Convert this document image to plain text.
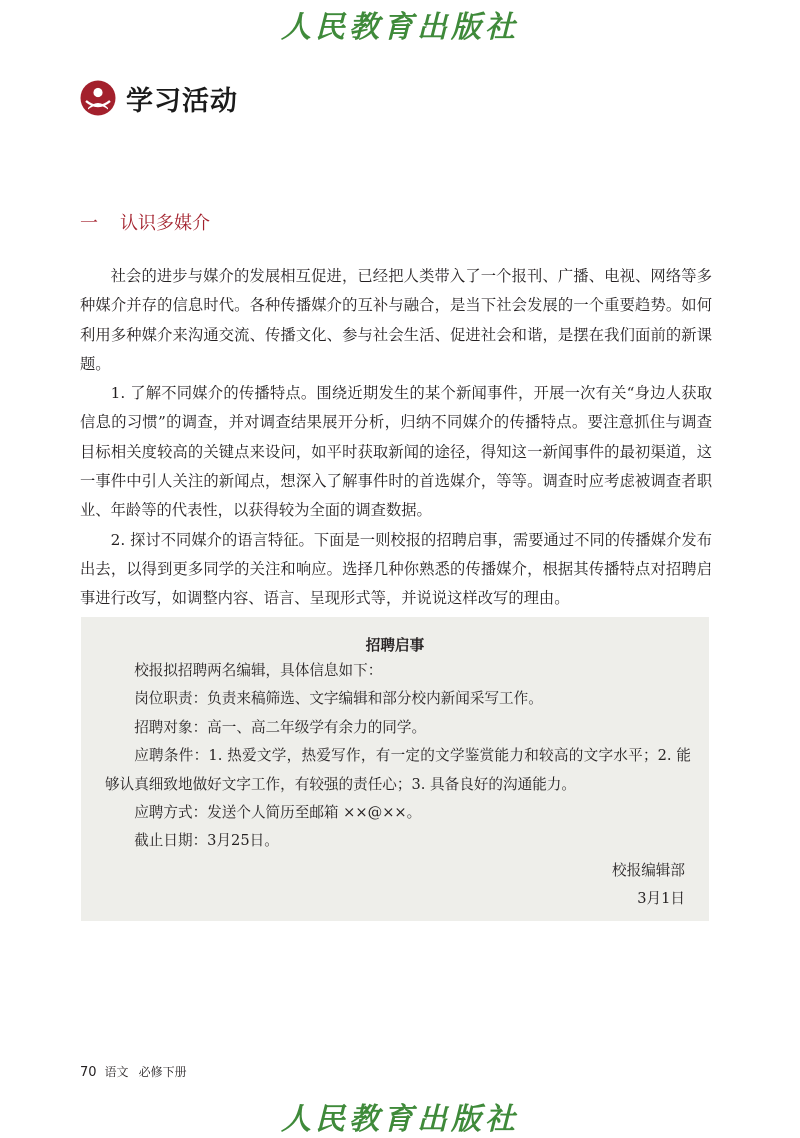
人民教育出版社
学习活动
一 认识多媒介

社会的进步与媒介的发展相互促进，已经把人类带入了一个报刊、广播、电视、网络等多种媒介并存的信息时代。各种传播媒介的互补与融合，是当下社会发展的一个重要趋势。如何利用多种媒介来沟通交流、传播文化、参与社会生活、促进社会和谐，是摆在我们面前的新课题。

1. 了解不同媒介的传播特点。围绕近期发生的某个新闻事件，开展一次有关“身边人获取信息的习惯”的调查，并对调查结果展开分析，归纳不同媒介的传播特点。要注意抓住与调查目标相关度较高的关键点来设问，如平时获取新闻的途径，得知这一新闻事件的最初渠道，这一事件中引人关注的新闻点，想深入了解事件时的首选媒介，等等。调查时应考虑被调查者职业、年龄等的代表性，以获得较为全面的调查数据。

2. 探讨不同媒介的语言特征。下面是一则校报的招聘启事，需要通过不同的传播媒介发布出去，以得到更多同学的关注和响应。选择几种你熟悉的传播媒介，根据其传播特点对招聘启事进行改写，如调整内容、语言、呈现形式等，并说说这样改写的理由。

招聘启事

校报拟招聘两名编辑，具体信息如下：

岗位职责：负责来稿筛选、文字编辑和部分校内新闻采写工作。

招聘对象：高一、高二年级学有余力的同学。

应聘条件：1. 热爱文学，热爱写作，有一定的文学鉴赏能力和较高的文字水平；2. 能够认真细致地做好文字工作，有较强的责任心；3. 具备良好的沟通能力。

应聘方式：发送个人简历至邮箱 ××@××。

截止日期：3月25日。

校报编辑部
3月1日
70 语文 必修下册
人民教育出版社
